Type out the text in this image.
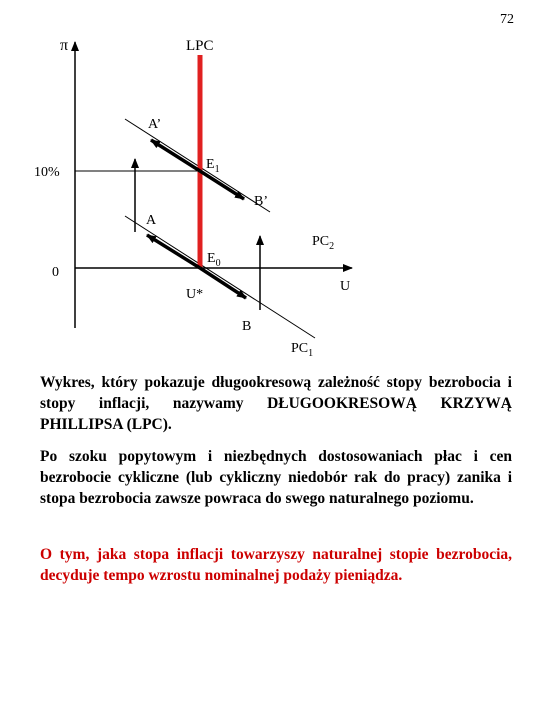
72
π	LPC
A’
$E_1$
10%
B’
A
$PC_2$
$E_0$
0
U
U*
B
$PC_1$

Wykres, który pokazuje długookresową zależność stopy bezrobocia i stopy inflacji, nazywamy DŁUGOOKRESOWĄ KRZYWĄ PHILLIPSA (LPC).

Po szoku popytowym i niezbędnych dostosowaniach płac i cen bezrobocie cykliczne (lub cykliczny niedobór rak do pracy) zanika i stopa bezrobocia zawsze powraca do swego naturalnego poziomu.

O tym, jaka stopa inflacji towarzyszy naturalnej stopie bezrobocia, decyduje tempo wzrostu nominalnej podaży pieniądza.
